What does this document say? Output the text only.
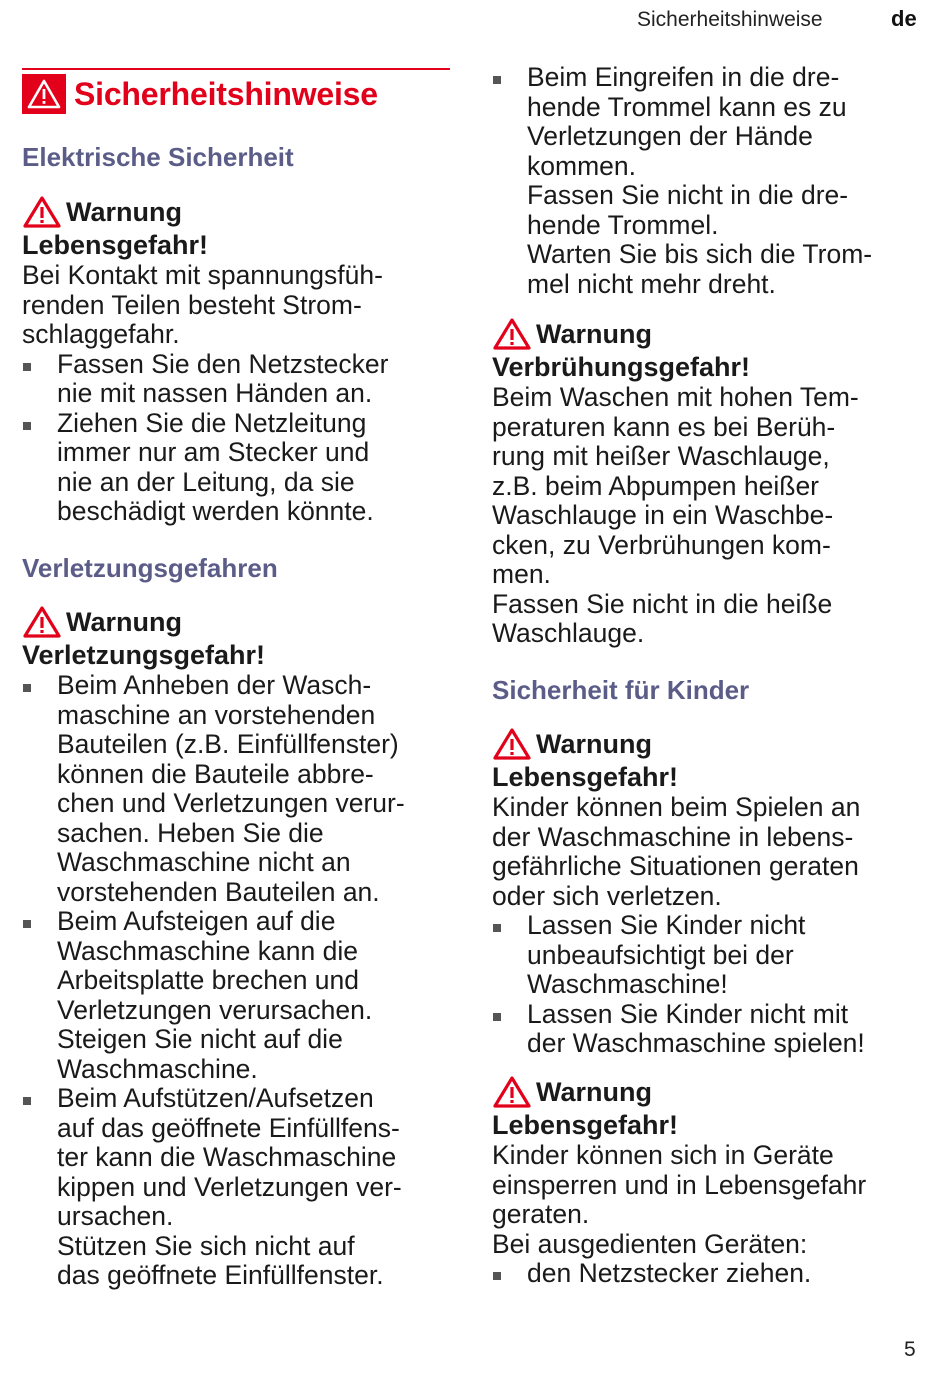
Sicherheitshinweise	de
Sicherheitshinweise
Elektrische Sicherheit
Warnung
Lebensgefahr!

Bei Kontakt mit spannungsfüh-
renden Teilen besteht Strom-
schlaggefahr.

Fassen Sie den Netzstecker
nie mit nassen Händen an.
Ziehen Sie die Netzleitung
immer nur am Stecker und
nie an der Leitung, da sie
beschädigt werden könnte.
Verletzungsgefahren
Warnung
Verletzungsgefahr!
Beim Anheben der Wasch-
maschine an vorstehenden
Bauteilen (z.B. Einfüllfenster)
können die Bauteile abbre-
chen und Verletzungen verur-
sachen. Heben Sie die
Waschmaschine nicht an
vorstehenden Bauteilen an.
Beim Aufsteigen auf die
Waschmaschine kann die
Arbeitsplatte brechen und
Verletzungen verursachen.
Steigen Sie nicht auf die
Waschmaschine.
Beim Aufstützen/Aufsetzen
auf das geöffnete Einfüllfens-
ter kann die Waschmaschine
kippen und Verletzungen ver-
ursachen.
Stützen Sie sich nicht auf
das geöffnete Einfüllfenster.
Beim Eingreifen in die dre-
hende Trommel kann es zu
Verletzungen der Hände
kommen.
Fassen Sie nicht in die dre-
hende Trommel.
Warten Sie bis sich die Trom-
mel nicht mehr dreht.
Warnung
Verbrühungsgefahr!

Beim Waschen mit hohen Tem-
peraturen kann es bei Berüh-
rung mit heißer Waschlauge,
z.B. beim Abpumpen heißer
Waschlauge in ein Waschbe-
cken, zu Verbrühungen kom-
men.
Fassen Sie nicht in die heiße
Waschlauge.

Sicherheit für Kinder
Warnung
Lebensgefahr!

Kinder können beim Spielen an
der Waschmaschine in lebens-
gefährliche Situationen geraten
oder sich verletzen.

Lassen Sie Kinder nicht
unbeaufsichtigt bei der
Waschmaschine!
Lassen Sie Kinder nicht mit
der Waschmaschine spielen!
Warnung
Lebensgefahr!

Kinder können sich in Geräte
einsperren und in Lebensgefahr
geraten.
Bei ausgedienten Geräten:

den Netzstecker ziehen.
5
